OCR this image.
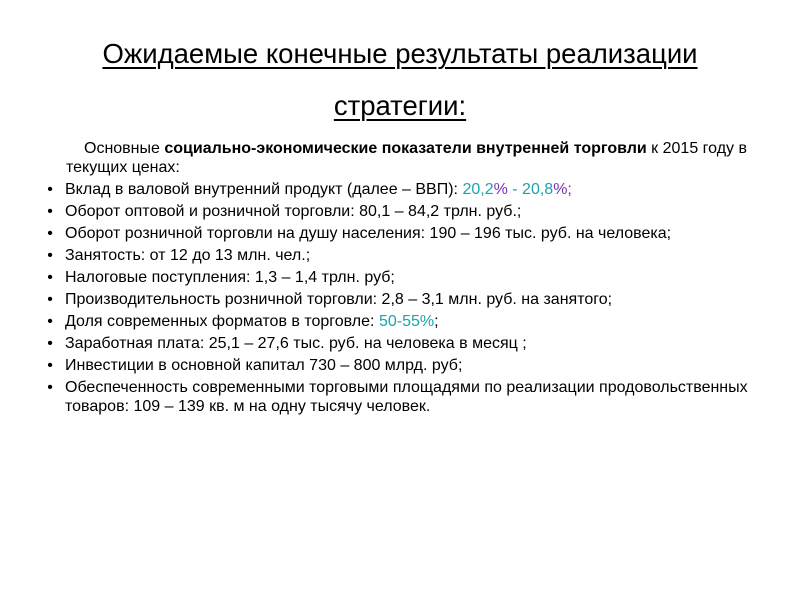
Ожидаемые конечные результаты реализации
стратегии:

Основные социально-экономические показатели внутренней торговли к 2015 году в текущих ценах:

• Вклад в валовой внутренний продукт (далее – ВВП): 20,2% - 20,8%;
• Оборот оптовой и розничной торговли: 80,1 – 84,2 трлн. руб.;
• Оборот розничной торговли на душу населения: 190 – 196 тыс. руб. на человека;
• Занятость: от 12 до 13 млн. чел.;
• Налоговые поступления: 1,3 – 1,4 трлн. руб;
• Производительность розничной торговли: 2,8 – 3,1 млн. руб. на занятого;
• Доля современных форматов в торговле: 50-55%;
• Заработная плата: 25,1 – 27,6 тыс. руб. на человека в месяц ;
• Инвестиции в основной капитал 730 – 800 млрд. руб;
• Обеспеченность современными торговыми площадями по реализации продовольственных товаров: 109 – 139 кв. м на одну тысячу человек.
